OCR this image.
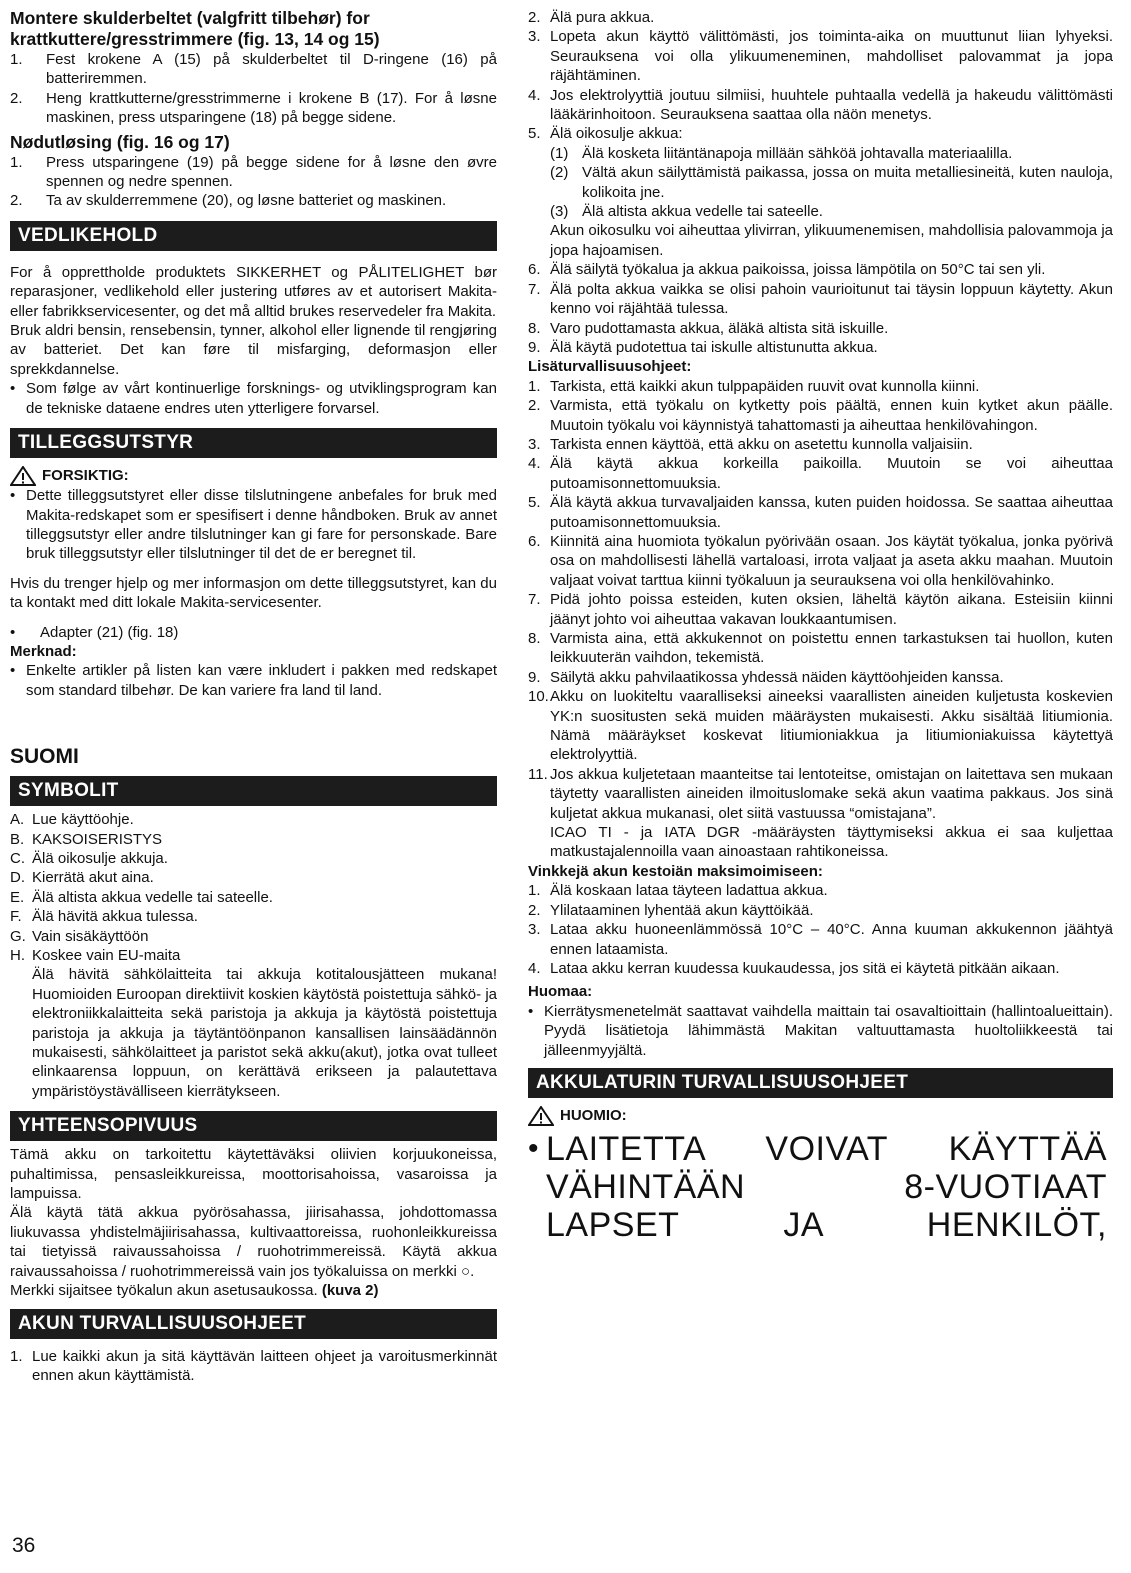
Montere skulderbeltet (valgfritt tilbehør) for krattkuttere/gresstrimmere (fig. 13, 14 og 15)
1.	Fest krokene A (15) på skulderbeltet til D-ringene (16) på batteriremmen.
2.	Heng krattkutterne/gresstrimmerne i krokene B (17). For å løsne maskinen, press utsparingene (18) på begge sidene.
Nødutløsing (fig. 16 og 17)
1.	Press utsparingene (19) på begge sidene for å løsne den øvre spennen og nedre spennen.
2.	Ta av skulderremmene (20), og løsne batteriet og maskinen.
VEDLIKEHOLD

For å opprettholde produktets SIKKERHET og PÅLITELIGHET bør reparasjoner, vedlikehold eller justering utføres av et autorisert Makita- eller fabrikkservicesenter, og det må alltid brukes reservedeler fra Makita.

Bruk aldri bensin, rensebensin, tynner, alkohol eller lignende til rengjøring av batteriet. Det kan føre til misfarging, deformasjon eller sprekkdannelse.

• Som følge av vårt kontinuerlige forsknings- og utviklingsprogram kan de tekniske dataene endres uten ytterligere forvarsel.
TILLEGGSUTSTYR
FORSIKTIG:
• Dette tilleggsutstyret eller disse tilslutningene anbefales for bruk med Makita-redskapet som er spesifisert i denne håndboken. Bruk av annet tilleggsutstyr eller andre tilslutninger kan gi fare for personskade. Bare bruk tilleggsutstyr eller tilslutninger til det de er beregnet til.

Hvis du trenger hjelp og mer informasjon om dette tilleggsutstyret, kan du ta kontakt med ditt lokale Makita-servicesenter.

•	Adapter (21) (fig. 18)
Merknad:
• Enkelte artikler på listen kan være inkludert i pakken med redskapet som standard tilbehør. De kan variere fra land til land.
SUOMI
SYMBOLIT
A. Lue käyttöohje.
B. KAKSOISERISTYS
C. Älä oikosulje akkuja.
D. Kierrätä akut aina.
E. Älä altista akkua vedelle tai sateelle.
F. Älä hävitä akkua tulessa.
G. Vain sisäkäyttöön
H. Koskee vain EU-maita

Älä hävitä sähkölaitteita tai akkuja kotitalousjätteen mukana! Huomioiden Euroopan direktiivit koskien käytöstä poistettuja sähkö- ja elektroniikkalaitteita sekä paristoja ja akkuja ja käytöstä poistettuja paristoja ja akkuja ja täytäntöönpanon kansallisen lainsäädännön mukaisesti, sähkölaitteet ja paristot sekä akku(akut), jotka ovat tulleet elinkaarensa loppuun, on kerättävä erikseen ja palautettava ympäristöystävälliseen kierrätykseen.

YHTEENSOPIVUUS

Tämä akku on tarkoitettu käytettäväksi oliivien korjuukoneissa, puhaltimissa, pensasleikkureissa, moottorisahoissa, vasaroissa ja lampuissa.

Älä käytä tätä akkua pyörösahassa, jiirisahassa, johdottomassa liukuvassa yhdistelmäjiirisahassa, kultivaattoreissa, ruohonleikkureissa tai tietyissä raivaussahoissa / ruohotrimmereissä. Käytä akkua raivaussahoissa / ruohotrimmereissä vain jos työkaluissa on merkki ○.

Merkki sijaitsee työkalun akun asetusaukossa. (kuva 2)

AKUN TURVALLISUUSOHJEET
1. Lue kaikki akun ja sitä käyttävän laitteen ohjeet ja varoitusmerkinnät ennen akun käyttämistä.
36
2. Älä pura akkua.
3. Lopeta akun käyttö välittömästi, jos toiminta-aika on muuttunut liian lyhyeksi. Seurauksena voi olla ylikuumeneminen, mahdolliset palovammat ja jopa räjähtäminen.
4. Jos elektrolyyttiä joutuu silmiisi, huuhtele puhtaalla vedellä ja hakeudu välittömästi lääkärinhoitoon. Seurauksena saattaa olla näön menetys.
5. Älä oikosulje akkua:
(1) Älä kosketa liitäntänapoja millään sähköä johtavalla materiaalilla.
(2) Vältä akun säilyttämistä paikassa, jossa on muita metalliesineitä, kuten nauloja, kolikoita jne.
(3) Älä altista akkua vedelle tai sateelle.

Akun oikosulku voi aiheuttaa ylivirran, ylikuumenemisen, mahdollisia palovammoja ja jopa hajoamisen.

6. Älä säilytä työkalua ja akkua paikoissa, joissa lämpötila on 50°C tai sen yli.
7. Älä polta akkua vaikka se olisi pahoin vaurioitunut tai täysin loppuun käytetty. Akun kenno voi räjähtää tulessa.
8. Varo pudottamasta akkua, äläkä altista sitä iskuille.
9. Älä käytä pudotettua tai iskulle altistunutta akkua.
Lisäturvallisuusohjeet:
1. Tarkista, että kaikki akun tulppapäiden ruuvit ovat kunnolla kiinni.
2. Varmista, että työkalu on kytketty pois päältä, ennen kuin kytket akun päälle. Muutoin työkalu voi käynnistyä tahattomasti ja aiheuttaa henkilövahingon.
3. Tarkista ennen käyttöä, että akku on asetettu kunnolla valjaisiin.
4. Älä käytä akkua korkeilla paikoilla. Muutoin se voi aiheuttaa putoamisonnettomuuksia.
5. Älä käytä akkua turvavaljaiden kanssa, kuten puiden hoidossa. Se saattaa aiheuttaa putoamisonnettomuuksia.
6. Kiinnitä aina huomiota työkalun pyörivään osaan. Jos käytät työkalua, jonka pyörivä osa on mahdollisesti lähellä vartaloasi, irrota valjaat ja aseta akku maahan. Muutoin valjaat voivat tarttua kiinni työkaluun ja seurauksena voi olla henkilövahinko.
7. Pidä johto poissa esteiden, kuten oksien, läheltä käytön aikana. Esteisiin kiinni jäänyt johto voi aiheuttaa vakavan loukkaantumisen.
8. Varmista aina, että akkukennot on poistettu ennen tarkastuksen tai huollon, kuten leikkuuterän vaihdon, tekemistä.
9. Säilytä akku pahvilaatikossa yhdessä näiden käyttöohjeiden kanssa.
10. Akku on luokiteltu vaaralliseksi aineeksi vaarallisten aineiden kuljetusta koskevien YK:n suositusten sekä muiden määräysten mukaisesti. Akku sisältää litiumionia. Nämä määräykset koskevat litiumioniakkua ja litiumioniakuissa käytettyä elektrolyyttiä.
11. Jos akkua kuljetetaan maanteitse tai lentoteitse, omistajan on laitettava sen mukaan täytetty vaarallisten aineiden ilmoituslomake sekä akun vaatima pakkaus. Jos sinä kuljetat akkua mukanasi, olet siitä vastuussa “omistajana”.

ICAO TI - ja IATA DGR -määräysten täyttymiseksi akkua ei saa kuljettaa matkustajalennoilla vaan ainoastaan rahtikoneissa.

Vinkkejä akun kestoiän maksimoimiseen:
1. Älä koskaan lataa täyteen ladattua akkua.
2. Ylilataaminen lyhentää akun käyttöikää.
3. Lataa akku huoneenlämmössä 10°C – 40°C. Anna kuuman akkukennon jäähtyä ennen lataamista.
4. Lataa akku kerran kuudessa kuukaudessa, jos sitä ei käytetä pitkään aikaan.
Huomaa:
• Kierrätysmenetelmät saattavat vaihdella maittain tai osavaltioittain (hallintoalueittain). Pyydä lisätietoja lähimmästä Makitan valtuuttamasta huoltoliikkeestä tai jälleenmyyjältä.
AKKULATURIN TURVALLISUUSOHJEET
HUOMIO:
• LAITETTA VOIVAT KÄYTTÄÄ
VÄHINTÄÄN 8-VUOTIAAT
LAPSET JA HENKILÖT,
